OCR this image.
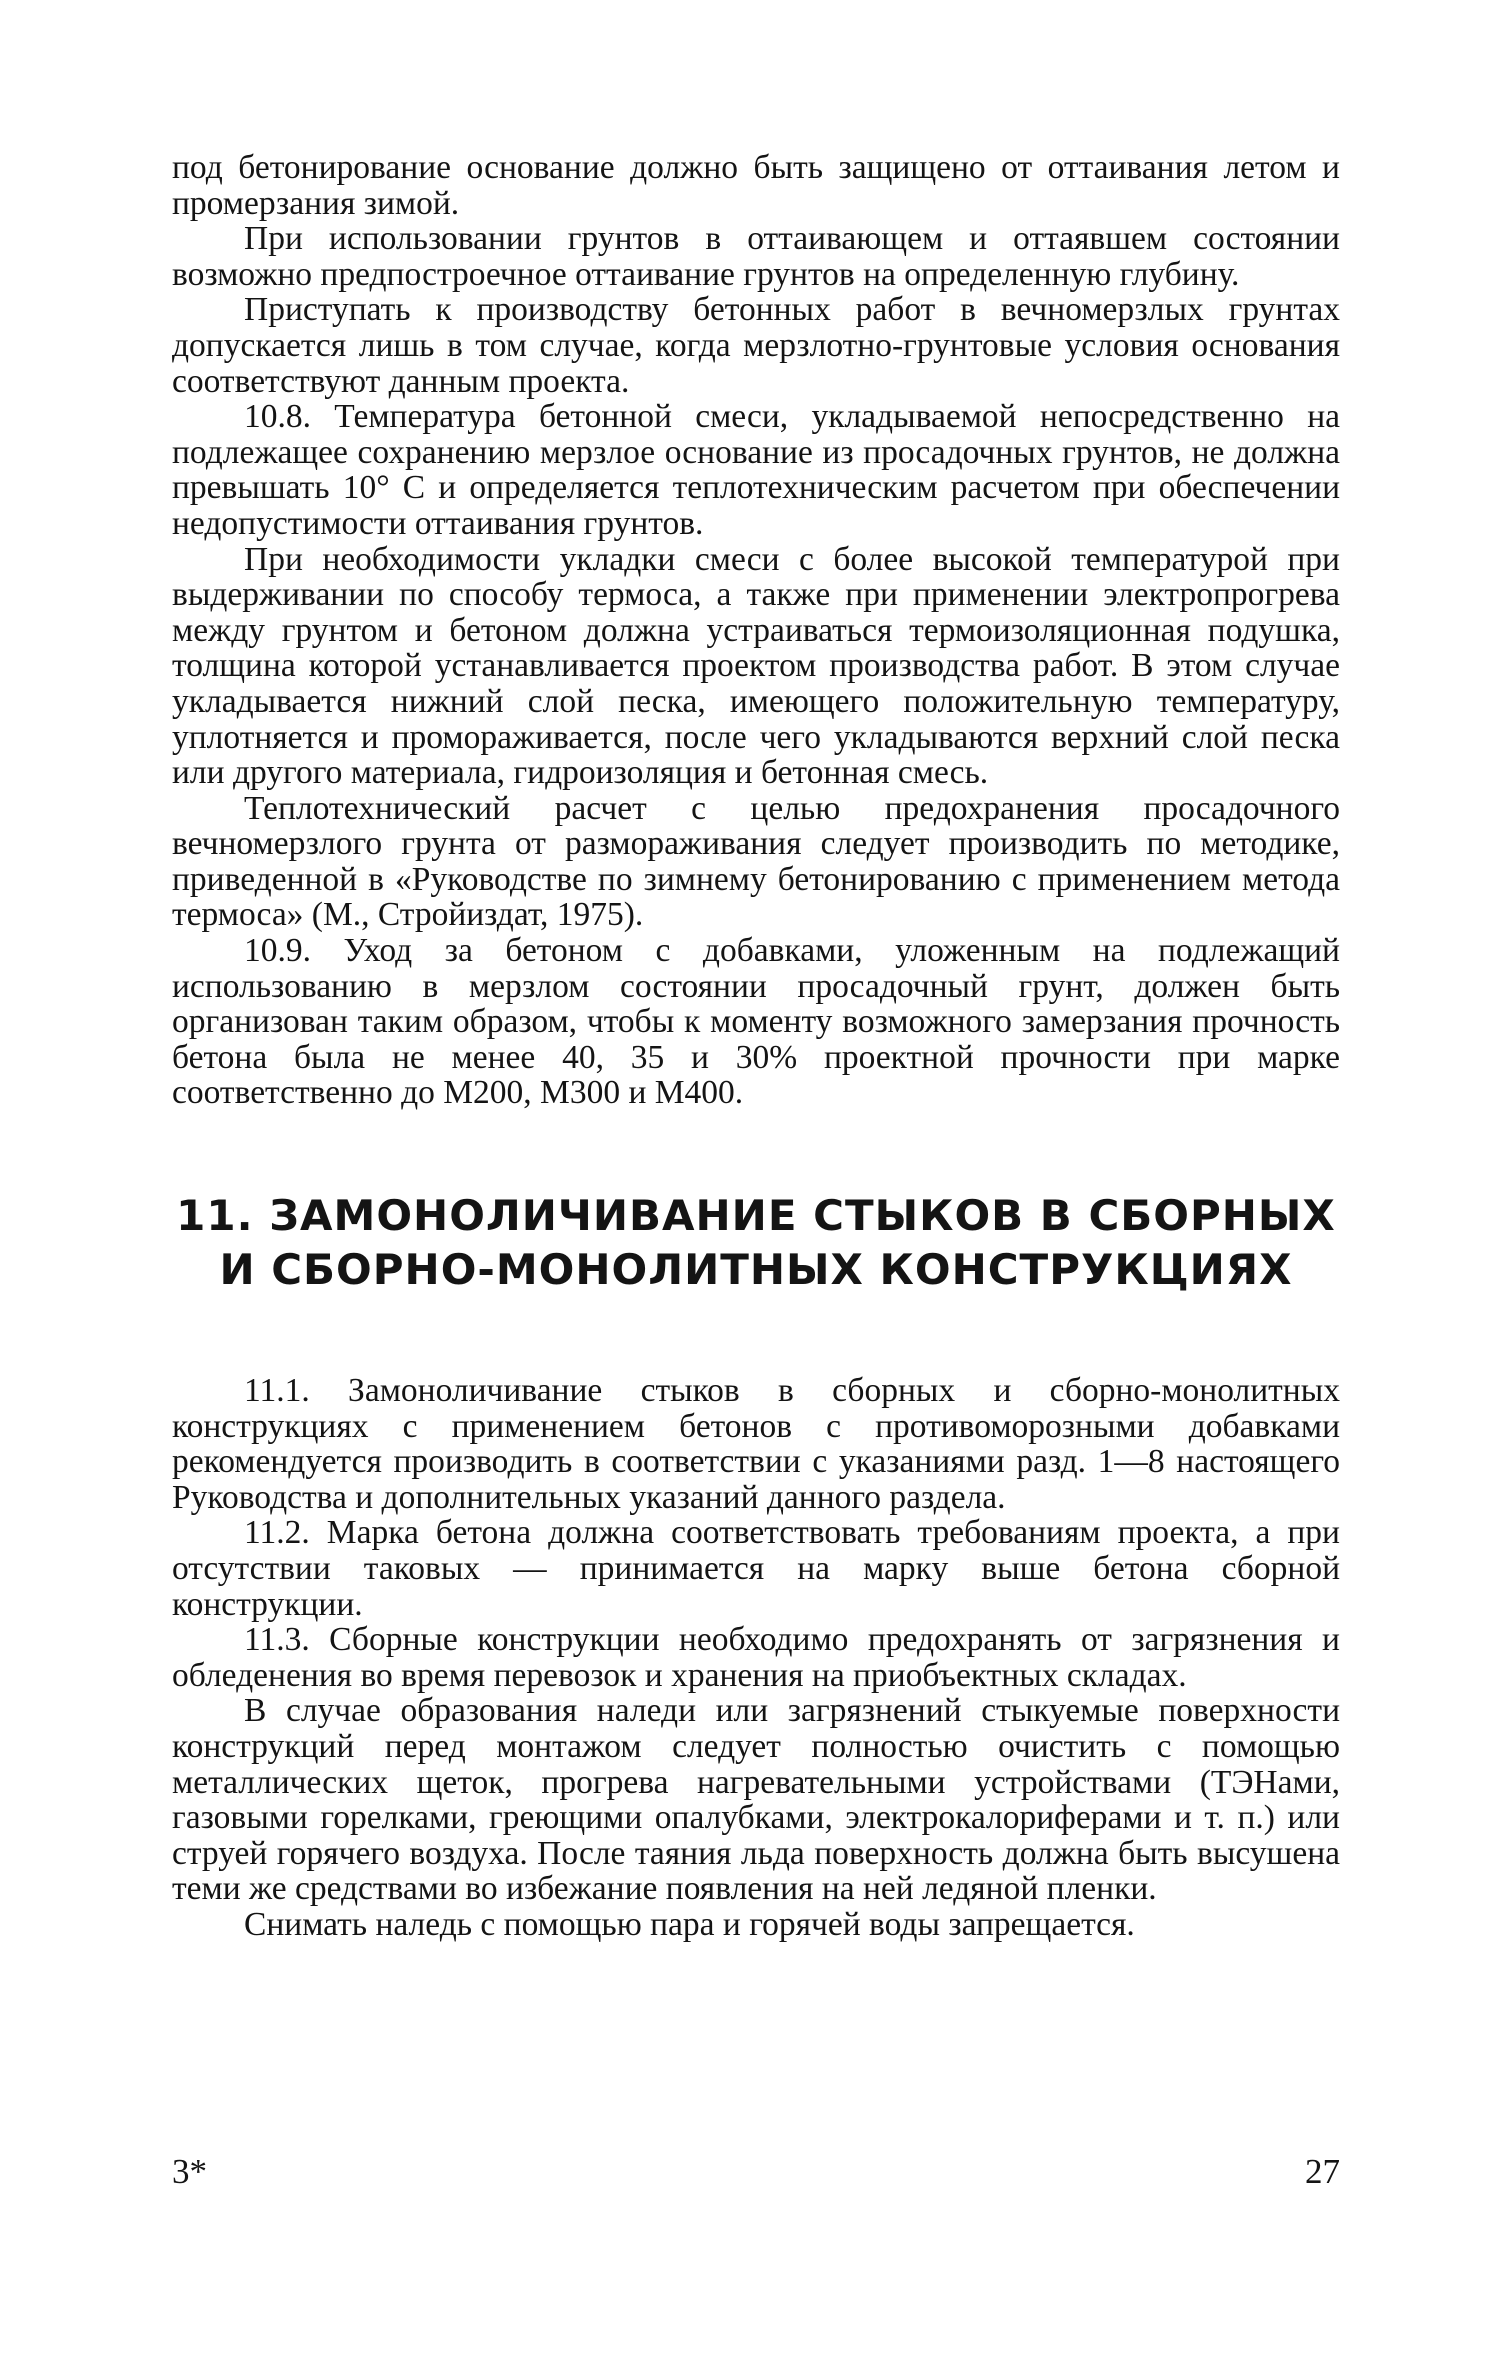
под бетонирование основание должно быть защищено от оттаивания летом и промерзания зимой.

При использовании грунтов в оттаивающем и оттаявшем состоянии возможно предпостроечное оттаивание грунтов на определенную глубину.

Приступать к производству бетонных работ в вечномерзлых грунтах допускается лишь в том случае, когда мерзлотно-грунтовые условия основания соответствуют данным проекта.

10.8. Температура бетонной смеси, укладываемой непосредственно на подлежащее сохранению мерзлое основание из просадочных грунтов, не должна превышать 10° С и определяется теплотехническим расчетом при обеспечении недопустимости оттаивания грунтов.

При необходимости укладки смеси с более высокой температурой при выдерживании по способу термоса, а также при применении электропрогрева между грунтом и бетоном должна устраиваться термоизоляционная подушка, толщина которой устанавливается проектом производства работ. В этом случае укладывается нижний слой песка, имеющего положительную температуру, уплотняется и промораживается, после чего укладываются верхний слой песка или другого материала, гидроизоляция и бетонная смесь.

Теплотехнический расчет с целью предохранения просадочного вечномерзлого грунта от размораживания следует производить по методике, приведенной в «Руководстве по зимнему бетонированию с применением метода термоса» (М., Стройиздат, 1975).

10.9. Уход за бетоном с добавками, уложенным на подлежащий использованию в мерзлом состоянии просадочный грунт, должен быть организован таким образом, чтобы к моменту возможного замерзания прочность бетона была не менее 40, 35 и 30% проектной прочности при марке соответственно до М200, М300 и М400.

11. ЗАМОНОЛИЧИВАНИЕ СТЫКОВ В СБОРНЫХ
И СБОРНО-МОНОЛИТНЫХ КОНСТРУКЦИЯХ

11.1. Замоноличивание стыков в сборных и сборно-монолитных конструкциях с применением бетонов с противоморозными добавками рекомендуется производить в соответствии с указаниями разд. 1—8 настоящего Руководства и дополнительных указаний данного раздела.

11.2. Марка бетона должна соответствовать требованиям проекта, а при отсутствии таковых — принимается на марку выше бетона сборной конструкции.

11.3. Сборные конструкции необходимо предохранять от загрязнения и обледенения во время перевозок и хранения на приобъектных складах.

В случае образования наледи или загрязнений стыкуемые поверхности конструкций перед монтажом следует полностью очистить с помощью металлических щеток, прогрева нагревательными устройствами (ТЭНами, газовыми горелками, греющими опалубками, электрокалориферами и т. п.) или струей горячего воздуха. После таяния льда поверхность должна быть высушена теми же средствами во избежание появления на ней ледяной пленки.

Снимать наледь с помощью пара и горячей воды запрещается.

3*	27
